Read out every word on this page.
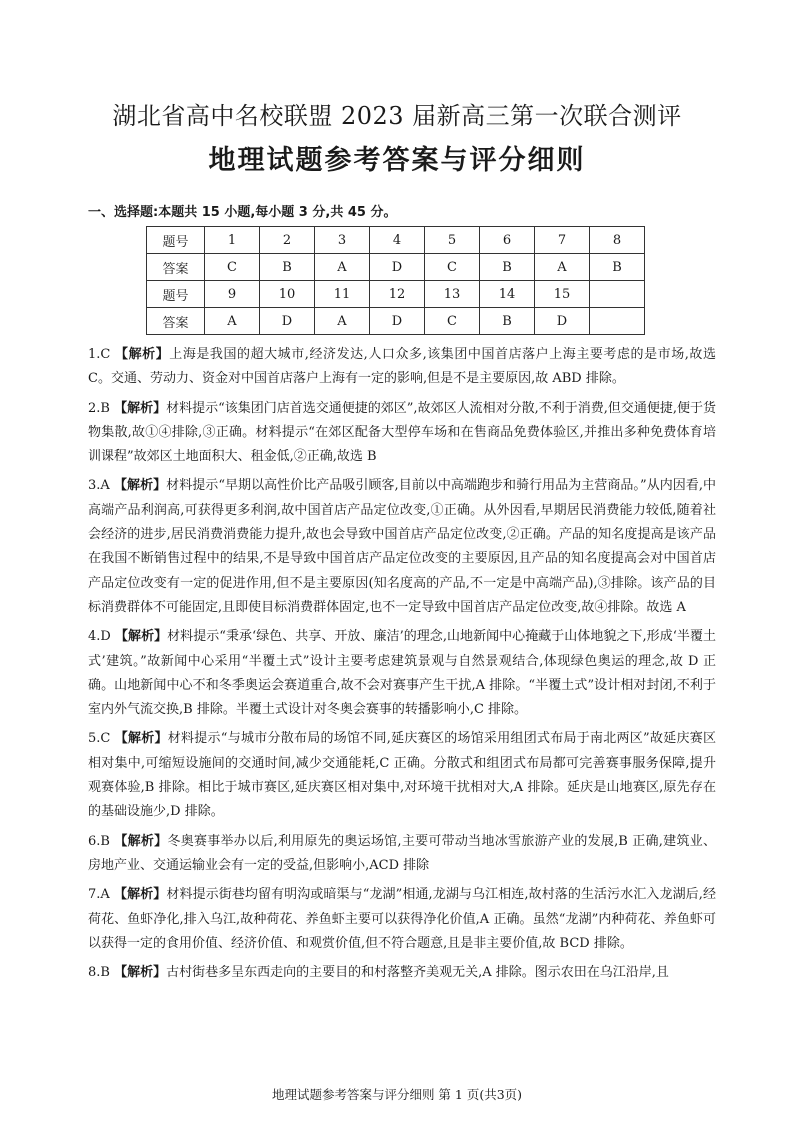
湖北省高中名校联盟 2023 届新高三第一次联合测评
地理试题参考答案与评分细则
一、选择题:本题共 15 小题,每小题 3 分,共 45 分。
题号	1	2	3	4	5	6	7	8
答案	C	B	A	D	C	B	A	B
题号	9	10	11	12	13	14	15	
答案	A	D	A	D	C	B	D	
1.C 【解析】上海是我国的超大城市,经济发达,人口众多,该集团中国首店落户上海主要考虑的是市场,故选 C。交通、劳动力、资金对中国首店落户上海有一定的影响,但是不是主要原因,故 ABD 排除。
2.B 【解析】材料提示“该集团门店首选交通便捷的郊区”,故郊区人流相对分散,不利于消费,但交通便捷,便于货物集散,故①④排除,③正确。材料提示“在郊区配备大型停车场和在售商品免费体验区,并推出多种免费体育培训课程”故郊区土地面积大、租金低,②正确,故选 B
3.A 【解析】材料提示“早期以高性价比产品吸引顾客,目前以中高端跑步和骑行用品为主营商品。”从内因看,中高端产品利润高,可获得更多利润,故中国首店产品定位改变,①正确。从外因看,早期居民消费能力较低,随着社会经济的进步,居民消费消费能力提升,故也会导致中国首店产品定位改变,②正确。产品的知名度提高是该产品在我国不断销售过程中的结果,不是导致中国首店产品定位改变的主要原因,且产品的知名度提高会对中国首店产品定位改变有一定的促进作用,但不是主要原因(知名度高的产品,不一定是中高端产品),③排除。该产品的目标消费群体不可能固定,且即使目标消费群体固定,也不一定导致中国首店产品定位改变,故④排除。故选 A
4.D 【解析】材料提示“秉承‘绿色、共享、开放、廉洁’的理念,山地新闻中心掩藏于山体地貌之下,形成‘半覆土式’建筑。”故新闻中心采用“半覆土式”设计主要考虑建筑景观与自然景观结合,体现绿色奥运的理念,故 D 正确。山地新闻中心不和冬季奥运会赛道重合,故不会对赛事产生干扰,A 排除。“半覆土式”设计相对封闭,不利于室内外气流交换,B 排除。半覆土式设计对冬奥会赛事的转播影响小,C 排除。
5.C 【解析】材料提示“与城市分散布局的场馆不同,延庆赛区的场馆采用组团式布局于南北两区”故延庆赛区相对集中,可缩短设施间的交通时间,减少交通能耗,C 正确。分散式和组团式布局都可完善赛事服务保障,提升观赛体验,B 排除。相比于城市赛区,延庆赛区相对集中,对环境干扰相对大,A 排除。延庆是山地赛区,原先存在的基础设施少,D 排除。
6.B 【解析】冬奥赛事举办以后,利用原先的奥运场馆,主要可带动当地冰雪旅游产业的发展,B 正确,建筑业、房地产业、交通运输业会有一定的受益,但影响小,ACD 排除
7.A 【解析】材料提示街巷均留有明沟或暗渠与“龙湖”相通,龙湖与乌江相连,故村落的生活污水汇入龙湖后,经荷花、鱼虾净化,排入乌江,故种荷花、养鱼虾主要可以获得净化价值,A 正确。虽然“龙湖”内种荷花、养鱼虾可以获得一定的食用价值、经济价值、和观赏价值,但不符合题意,且是非主要价值,故 BCD 排除。
8.B 【解析】古村街巷多呈东西走向的主要目的和村落整齐美观无关,A 排除。图示农田在乌江沿岸,且
地理试题参考答案与评分细则 第 1 页(共3页)
